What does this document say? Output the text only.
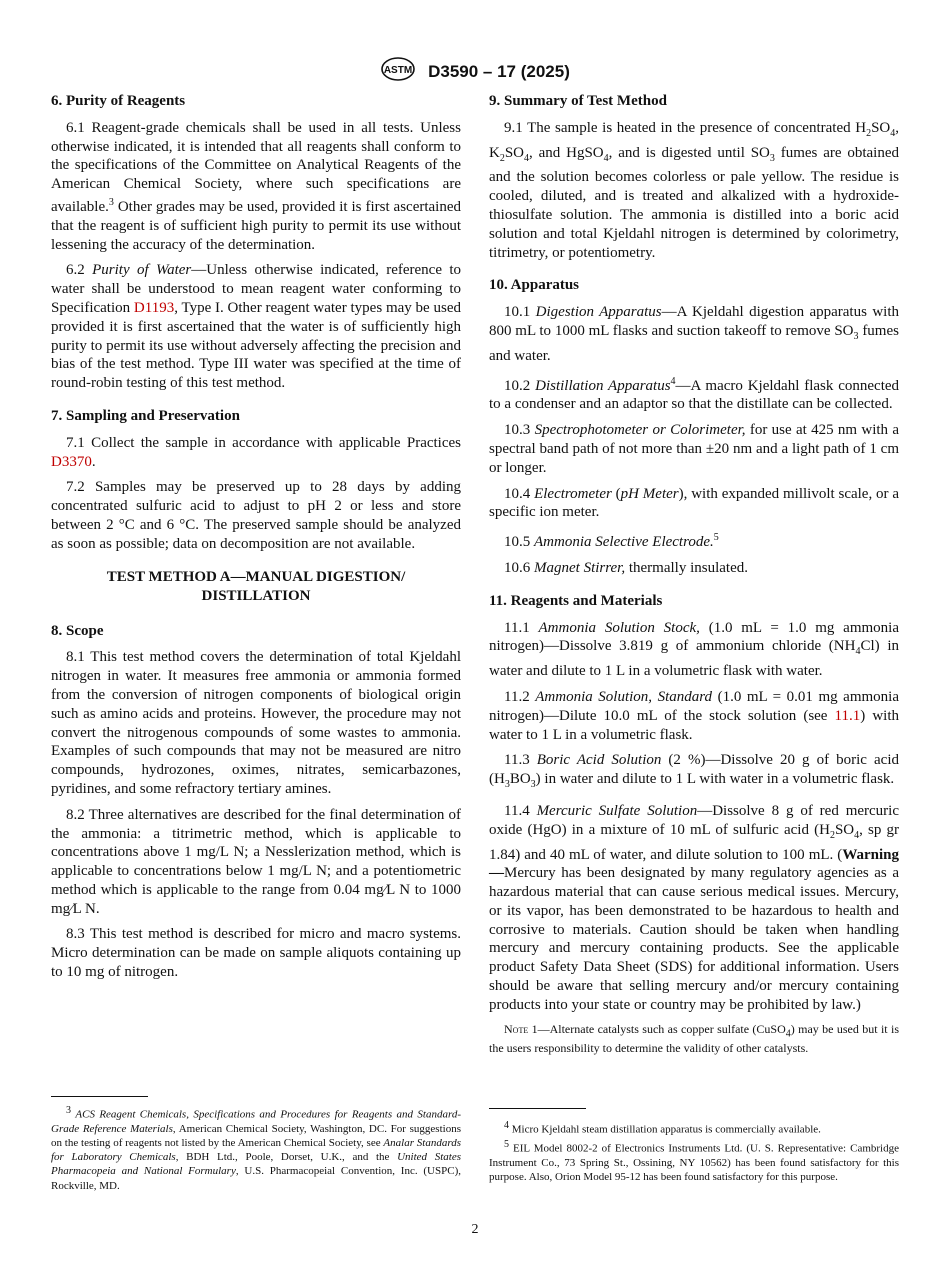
ASTM D3590 – 17 (2025)
6. Purity of Reagents

6.1 Reagent-grade chemicals shall be used in all tests. Unless otherwise indicated, it is intended that all reagents shall conform to the specifications of the Committee on Analytical Reagents of the American Chemical Society, where such specifications are available.$^3$ Other grades may be used, provided it is first ascertained that the reagent is of sufficient high purity to permit its use without lessening the accuracy of the determination.

6.2 Purity of Water—Unless otherwise indicated, reference to water shall be understood to mean reagent water conforming to Specification D1193, Type I. Other reagent water types may be used provided it is first ascertained that the water is of sufficiently high purity to permit its use without adversely affecting the precision and bias of the test method. Type III water was specified at the time of round-robin testing of this test method.

7. Sampling and Preservation

7.1 Collect the sample in accordance with applicable Practices D3370.

7.2 Samples may be preserved up to 28 days by adding concentrated sulfuric acid to adjust to pH 2 or less and store between 2 °C and 6 °C. The preserved sample should be analyzed as soon as possible; data on decomposition are not available.

TEST METHOD A—MANUAL DIGESTION/ DISTILLATION
8. Scope

8.1 This test method covers the determination of total Kjeldahl nitrogen in water. It measures free ammonia or ammonia formed from the conversion of nitrogen components of biological origin such as amino acids and proteins. However, the procedure may not convert the nitrogenous compounds of some wastes to ammonia. Examples of such compounds that may not be measured are nitro compounds, hydrozones, oximes, nitrates, semicarbazones, pyridines, and some refractory tertiary amines.

8.2 Three alternatives are described for the final determination of the ammonia: a titrimetric method, which is applicable to concentrations above 1 mg/L N; a Nesslerization method, which is applicable to concentrations below 1 mg/L N; and a potentiometric method which is applicable to the range from 0.04 mg⁄L N to 1000 mg⁄L N.

8.3 This test method is described for micro and macro systems. Micro determination can be made on sample aliquots containing up to 10 mg of nitrogen.

9. Summary of Test Method

9.1 The sample is heated in the presence of concentrated $H_2SO_4$, $K_2SO_4$, and HgSO$_4$, and is digested until $SO_3$ fumes are obtained and the solution becomes colorless or pale yellow. The residue is cooled, diluted, and is treated and alkalized with a hydroxide-thiosulfate solution. The ammonia is distilled into a boric acid solution and total Kjeldahl nitrogen is determined by colorimetry, titrimetry, or potentiometry.

10. Apparatus

10.1 Digestion Apparatus—A Kjeldahl digestion apparatus with 800 mL to 1000 mL flasks and suction takeoff to remove $SO_3$ fumes and water.

10.2 Distillation Apparatus$^4$—A macro Kjeldahl flask connected to a condenser and an adaptor so that the distillate can be collected.

10.3 Spectrophotometer or Colorimeter, for use at 425 nm with a spectral band path of not more than ±20 nm and a light path of 1 cm or longer.

10.4 Electrometer (pH Meter), with expanded millivolt scale, or a specific ion meter.

10.5 Ammonia Selective Electrode.$^5$

10.6 Magnet Stirrer, thermally insulated.

11. Reagents and Materials

11.1 Ammonia Solution Stock, (1.0 mL = 1.0 mg ammonia nitrogen)—Dissolve 3.819 g of ammonium chloride $(NH_4Cl)$ in water and dilute to 1 L in a volumetric flask with water.

11.2 Ammonia Solution, Standard (1.0 mL = 0.01 mg ammonia nitrogen)—Dilute 10.0 mL of the stock solution (see 11.1) with water to 1 L in a volumetric flask.

11.3 Boric Acid Solution (2 %)—Dissolve 20 g of boric acid $(H_3BO_3)$ in water and dilute to 1 L with water in a volumetric flask.

11.4 Mercuric Sulfate Solution—Dissolve 8 g of red mercuric oxide (HgO) in a mixture of 10 mL of sulfuric acid ($H_2SO_4$, sp gr 1.84) and 40 mL of water, and dilute solution to 100 mL. (Warning—Mercury has been designated by many regulatory agencies as a hazardous material that can cause serious medical issues. Mercury, or its vapor, has been demonstrated to be hazardous to health and corrosive to materials. Caution should be taken when handling mercury and mercury containing products. See the applicable product Safety Data Sheet (SDS) for additional information. Users should be aware that selling mercury and/or mercury containing products into your state or country may be prohibited by law.)

Note 1—Alternate catalysts such as copper sulfate (CuSO$_4$) may be used but it is the users responsibility to determine the validity of other catalysts.

$^3$ ACS Reagent Chemicals, Specifications and Procedures for Reagents and Standard-Grade Reference Materials, American Chemical Society, Washington, DC. For suggestions on the testing of reagents not listed by the American Chemical Society, see Analar Standards for Laboratory Chemicals, BDH Ltd., Poole, Dorset, U.K., and the United States Pharmacopeia and National Formulary, U.S. Pharmacopeial Convention, Inc. (USPC), Rockville, MD.

$^4$ Micro Kjeldahl steam distillation apparatus is commercially available.

$^5$ EIL Model 8002-2 of Electronics Instruments Ltd. (U. S. Representative: Cambridge Instrument Co., 73 Spring St., Ossining, NY 10562) has been found satisfactory for this purpose. Also, Orion Model 95-12 has been found satisfactory for this purpose.

2
